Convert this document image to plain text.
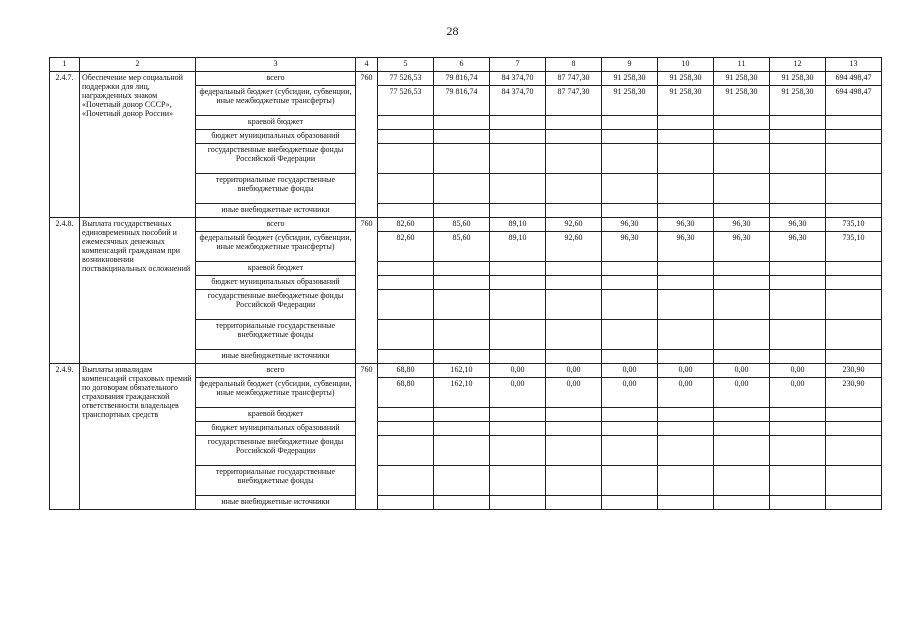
28
1	2	3	4	5	6	7	8	9	10	11	12	13
2.4.7.	Обеспечение мер социальной поддержки для лиц, награжденных знаком «Почетный донор СССР», «Почетный донор России»	всего	760	77 526,53	79 816,74	84 374,70	87 747,30	91 258,30	91 258,30	91 258,30	91 258,30	694 498,47
		федеральный бюджет (субсидии, субвенции, иные межбюджетные трансферты)		77 526,53	79 816,74	84 374,70	87 747,30	91 258,30	91 258,30	91 258,30	91 258,30	694 498,47
		краевой бюджет										
		бюджет муниципальных образований										
		государственные внебюджетные фонды Российской Федерации										
		территориальные государственные внебюджетные фонды										
		иные внебюджетные источники										
2.4.8.	Выплата государственных единовременных пособий и ежемесячных денежных компенсаций гражданам при возникновении поствакцинальных осложнений	всего	760	82,60	85,60	89,10	92,60	96,30	96,30	96,30	96,30	735,10
		федеральный бюджет (субсидии, субвенции, иные межбюджетные трансферты)		82,60	85,60	89,10	92,60	96,30	96,30	96,30	96,30	735,10
		краевой бюджет										
		бюджет муниципальных образований										
		государственные внебюджетные фонды Российской Федерации										
		территориальные государственные внебюджетные фонды										
		иные внебюджетные источники										
2.4.9.	Выплаты инвалидам компенсаций страховых премий по договорам обязательного страхования гражданской ответственности владельцев транспортных средств	всего	760	68,80	162,10	0,00	0,00	0,00	0,00	0,00	0,00	230,90
		федеральный бюджет (субсидии, субвенции, иные межбюджетные трансферты)		68,80	162,10	0,00	0,00	0,00	0,00	0,00	0,00	230,90
		краевой бюджет										
		бюджет муниципальных образований										
		государственные внебюджетные фонды Российской Федерации										
		территориальные государственные внебюджетные фонды										
		иные внебюджетные источники										
